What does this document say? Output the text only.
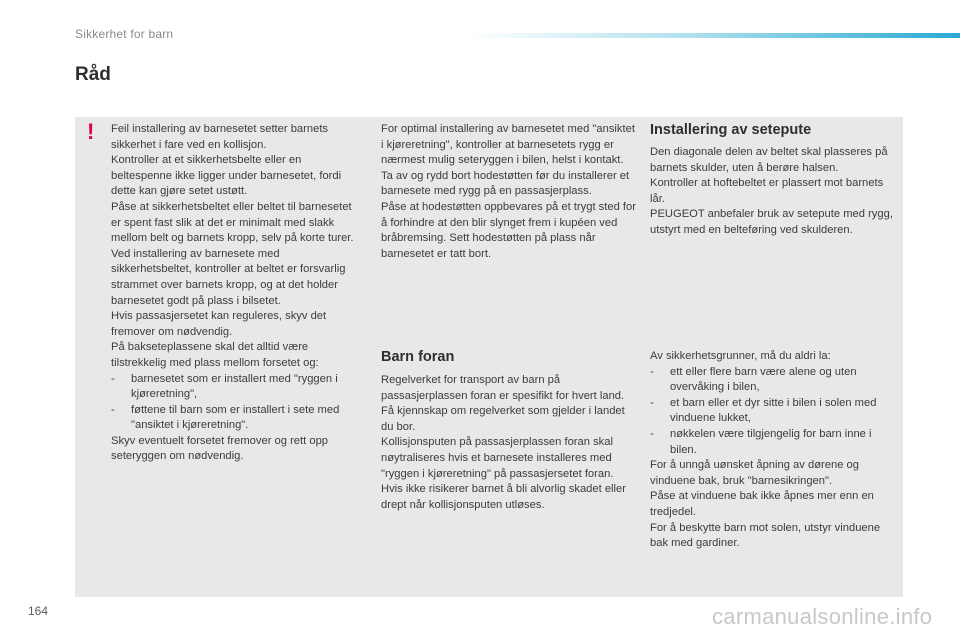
Sikkerhet for barn
Råd
!	Feil installering av barnesetet setter barnets sikkerhet i fare ved en kollisjon.

Kontroller at et sikkerhetsbelte eller en beltespenne ikke ligger under barnesetet, fordi dette kan gjøre setet ustøtt.

Påse at sikkerhetsbeltet eller beltet til barnesetet er spent fast slik at det er minimalt med slakk mellom belt og barnets kropp, selv på korte turer.

Ved installering av barnesete med sikkerhetsbeltet, kontroller at beltet er forsvarlig strammet over barnets kropp, og at det holder barnesetet godt på plass i bilsetet.

Hvis passasjersetet kan reguleres, skyv det fremover om nødvendig.

På bakseteplassene skal det alltid være tilstrekkelig med plass mellom forsetet og:

-	barnesetet som er installert med "ryggen i kjøreretning",
-	føttene til barn som er installert i sete med "ansiktet i kjøreretning".

Skyv eventuelt forsetet fremover og rett opp seteryggen om nødvendig.

For optimal installering av barnesetet med "ansiktet i kjøreretning", kontroller at barnesetets rygg er nærmest mulig seteryggen i bilen, helst i kontakt.

Ta av og rydd bort hodestøtten før du installerer et barnesete med rygg på en passasjerplass.

Påse at hodestøtten oppbevares på et trygt sted for å forhindre at den blir slynget frem i kupéen ved bråbremsing. Sett hodestøtten på plass når barnesetet er tatt bort.

Barn foran

Regelverket for transport av barn på passasjerplassen foran er spesifikt for hvert land. Få kjennskap om regelverket som gjelder i landet du bor.

Kollisjonsputen på passasjerplassen foran skal nøytraliseres hvis et barnesete installeres med "ryggen i kjøreretning" på passasjersetet foran.

Hvis ikke risikerer barnet å bli alvorlig skadet eller drept når kollisjonsputen utløses.

Installering av setepute

Den diagonale delen av beltet skal plasseres på barnets skulder, uten å berøre halsen.

Kontroller at hoftebeltet er plassert mot barnets lår.

PEUGEOT anbefaler bruk av setepute med rygg, utstyrt med en belteføring ved skulderen.

Av sikkerhetsgrunner, må du aldri la:

-	ett eller flere barn være alene og uten overvåking i bilen,
-	et barn eller et dyr sitte i bilen i solen med vinduene lukket,
-	nøkkelen være tilgjengelig for barn inne i bilen.

For å unngå uønsket åpning av dørene og vinduene bak, bruk "barnesikringen".

Påse at vinduene bak ikke åpnes mer enn en tredjedel.

For å beskytte barn mot solen, utstyr vinduene bak med gardiner.

164	carmanualsonline.info
